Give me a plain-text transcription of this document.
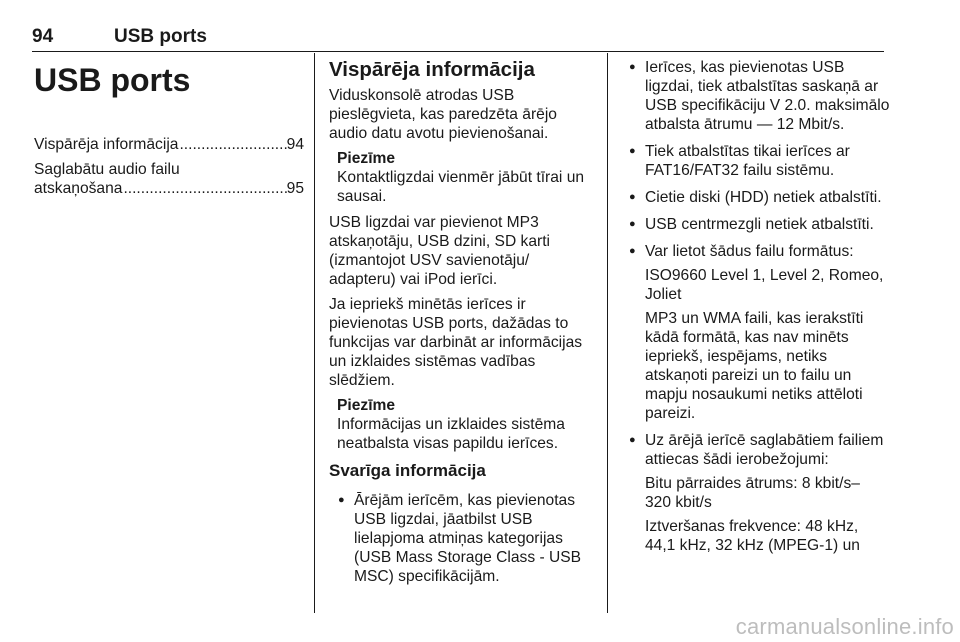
94	USB ports
USB ports
Vispārēja informācija .....	94
Saglabātu audio failu
atskaņošana .....	95
Vispārēja informācija

Viduskonsolē atrodas USB pieslēgvieta, kas paredzēta ārējo audio datu avotu pievienošanai.

Piezīme
Kontaktligzdai vienmēr jābūt tīrai un sausai.

USB ligzdai var pievienot MP3 atskaņotāju, USB dzini, SD karti (izmantojot USV savienotāju/ adapteru) vai iPod ierīci.

Ja iepriekš minētās ierīces ir pievienotas USB ports, dažādas to funkcijas var darbināt ar informācijas un izklaides sistēmas vadības slēdžiem.

Piezīme
Informācijas un izklaides sistēma neatbalsta visas papildu ierīces.
Svarīga informācija
● Ārējām ierīcēm, kas pievienotas USB ligzdai, jāatbilst USB lielapjoma atmiņas kategorijas (USB Mass Storage Class - USB MSC) specifikācijām.
● Ierīces, kas pievienotas USB ligzdai, tiek atbalstītas saskaņā ar USB specifikāciju V 2.0. maksimālo atbalsta ātrumu — 12 Mbit/s.
● Tiek atbalstītas tikai ierīces ar FAT16/FAT32 failu sistēmu.
● Cietie diski (HDD) netiek atbalstīti.
● USB centrmezgli netiek atbalstīti.
● Var lietot šādus failu formātus:
ISO9660 Level 1, Level 2, Romeo, Joliet
MP3 un WMA faili, kas ierakstīti kādā formātā, kas nav minēts iepriekš, iespējams, netiks atskaņoti pareizi un to failu un mapju nosaukumi netiks attēloti pareizi.
● Uz ārējā ierīcē saglabātiem failiem attiecas šādi ierobežojumi:
Bitu pārraides ātrums: 8 kbit/s– 320 kbit/s
Iztveršanas frekvence: 48 kHz, 44,1 kHz, 32 kHz (MPEG-1) un
carmanualsonline.info
